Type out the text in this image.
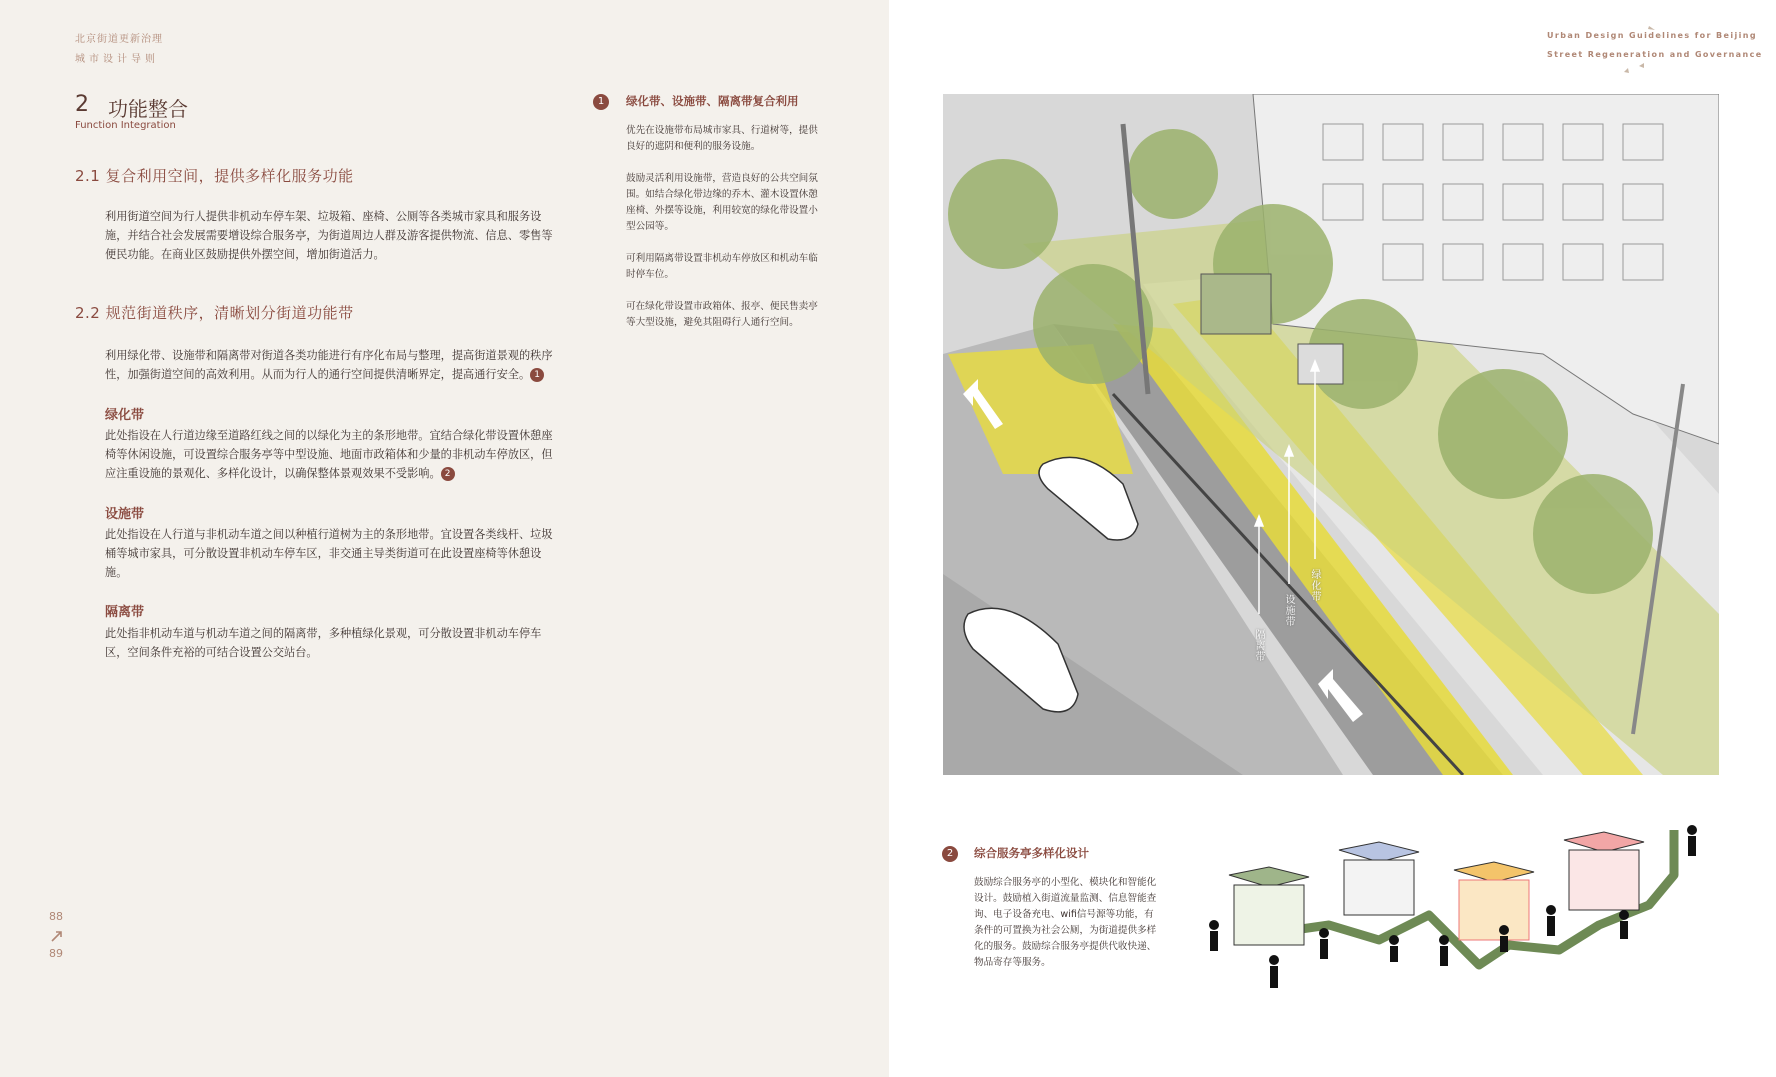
北京街道更新治理
城市设计导则
2 功能整合
Function Integration
2.1 复合利用空间，提供多样化服务功能
利用街道空间为行人提供非机动车停车架、垃圾箱、座椅、公厕等各类城市家具和服务设施，并结合社会发展需要增设综合服务亭，为街道周边人群及游客提供物流、信息、零售等便民功能。在商业区鼓励提供外摆空间，增加街道活力。
2.2 规范街道秩序，清晰划分街道功能带
利用绿化带、设施带和隔离带对街道各类功能进行有序化布局与整理，提高街道景观的秩序性，加强街道空间的高效利用。从而为行人的通行空间提供清晰界定，提高通行安全。 1
绿化带
此处指设在人行道边缘至道路红线之间的以绿化为主的条形地带。宜结合绿化带设置休憩座椅等休闲设施，可设置综合服务亭等中型设施、地面市政箱体和少量的非机动车停放区，但应注重设施的景观化、多样化设计，以确保整体景观效果不受影响。 2
设施带
此处指设在人行道与非机动车道之间以种植行道树为主的条形地带。宜设置各类线杆、垃圾桶等城市家具，可分散设置非机动车停车区，非交通主导类街道可在此设置座椅等休憩设施。
隔离带
此处指非机动车道与机动车道之间的隔离带，多种植绿化景观，可分散设置非机动车停车区，空间条件充裕的可结合设置公交站台。
88
89
1	绿化带、设施带、隔离带复合利用
优先在设施带布局城市家具、行道树等，提供良好的遮阴和便利的服务设施。
鼓励灵活利用设施带，营造良好的公共空间氛围。如结合绿化带边缘的乔木、灌木设置休憩座椅、外摆等设施，利用较宽的绿化带设置小型公园等。
可利用隔离带设置非机动车停放区和机动车临时停车位。
可在绿化带设置市政箱体、报亭、便民售卖亭等大型设施，避免其阻碍行人通行空间。
Urban Design Guidelines for Beijing
Street Regeneration and Governance
绿化带
设施带
隔离带
2	综合服务亭多样化设计
鼓励综合服务亭的小型化、模块化和智能化设计。鼓励植入街道流量监测、信息智能查询、电子设备充电、wifi信号源等功能，有条件的可置换为社会公厕，为街道提供多样化的服务。鼓励综合服务亭提供代收快递、物品寄存等服务。
